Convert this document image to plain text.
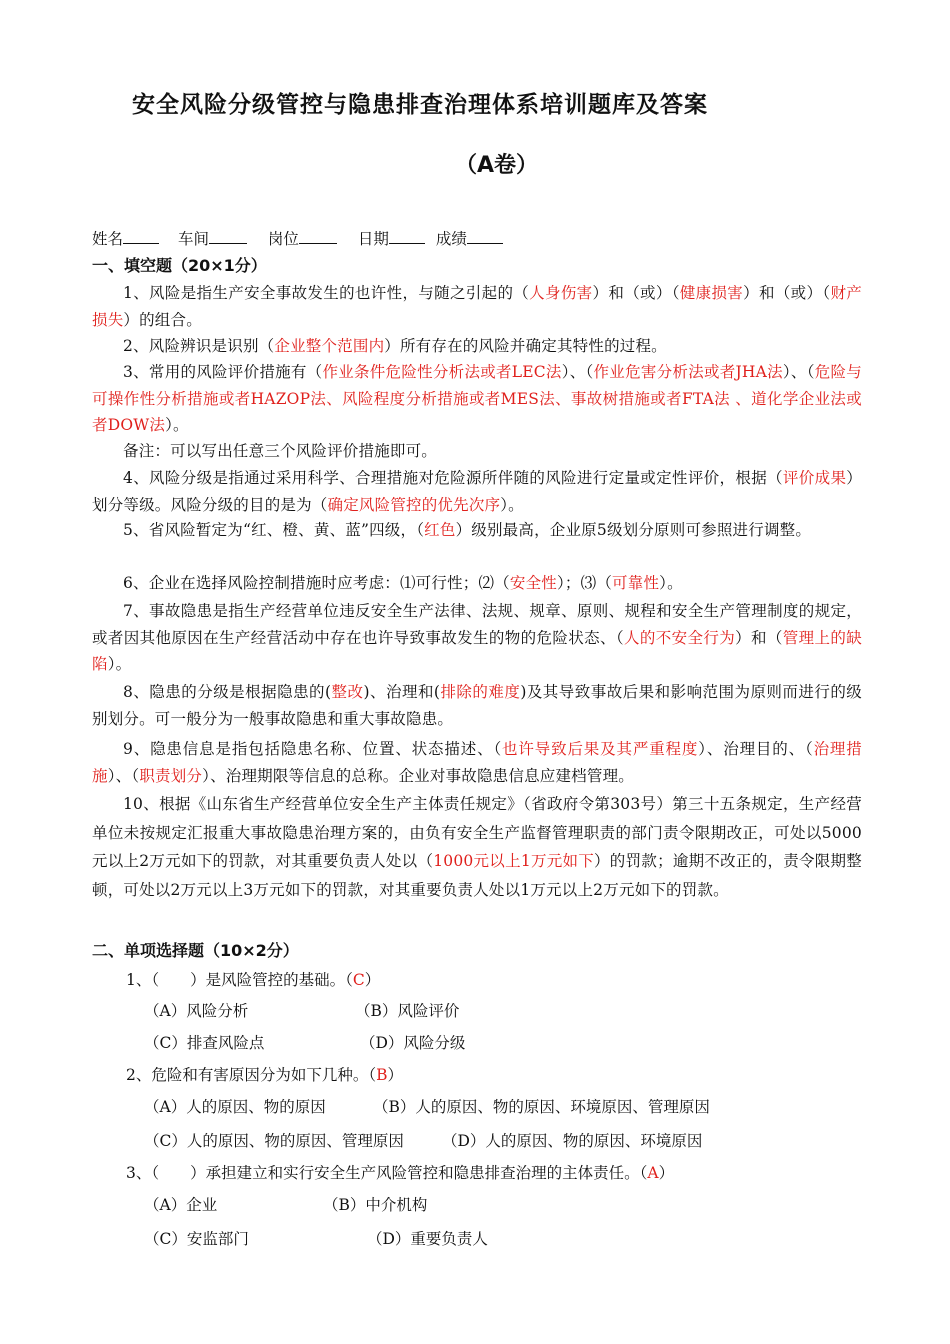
安全风险分级管控与隐患排查治理体系培训题库及答案
（A卷）
姓名	车间	岗位	日期	成绩
一、填空题（20×1分）
1、风险是指生产安全事故发生的也许性，与随之引起的（人身伤害）和（或）（健康损害）和（或）（财产损失）的组合。
2、风险辨识是识别（企业整个范围内）所有存在的风险并确定其特性的过程。
3、常用的风险评价措施有（作业条件危险性分析法或者LEC法）、（作业危害分析法或者JHA法）、（危险与可操作性分析措施或者HAZOP法、风险程度分析措施或者MES法、事故树措施或者FTA法 、道化学企业法或者DOW法）。
备注：可以写出任意三个风险评价措施即可。
4、风险分级是指通过采用科学、合理措施对危险源所伴随的风险进行定量或定性评价，根据（评价成果）划分等级。风险分级的目的是为（确定风险管控的优先次序）。
5、省风险暂定为“红、橙、黄、蓝”四级，（红色）级别最高，企业原5级划分原则可参照进行调整。
6、企业在选择风险控制措施时应考虑：⑴可行性；⑵（安全性）；⑶（可靠性）。
7、事故隐患是指生产经营单位违反安全生产法律、法规、规章、原则、规程和安全生产管理制度的规定，或者因其他原因在生产经营活动中存在也许导致事故发生的物的危险状态、（人的不安全行为）和（管理上的缺陷）。
8、隐患的分级是根据隐患的(整改)、治理和(排除的难度)及其导致事故后果和影响范围为原则而进行的级别划分。可一般分为一般事故隐患和重大事故隐患。
9、隐患信息是指包括隐患名称、位置、状态描述、（也许导致后果及其严重程度）、治理目的、（治理措施）、（职责划分）、治理期限等信息的总称。企业对事故隐患信息应建档管理。
10、根据《山东省生产经营单位安全生产主体责任规定》（省政府令第303号）第三十五条规定，生产经营单位未按规定汇报重大事故隐患治理方案的，由负有安全生产监督管理职责的部门责令限期改正，可处以5000元以上2万元如下的罚款，对其重要负责人处以（1000元以上1万元如下）的罚款；逾期不改正的，责令限期整顿，可处以2万元以上3万元如下的罚款，对其重要负责人处以1万元以上2万元如下的罚款。
二、单项选择题（10×2分）
1、（　　）是风险管控的基础。（C）
（A）风险分析	（B）风险评价
（C）排查风险点	（D）风险分级
2、危险和有害原因分为如下几种。（B）
（A）人的原因、物的原因	（B）人的原因、物的原因、环境原因、管理原因
（C）人的原因、物的原因、管理原因 （D）人的原因、物的原因、环境原因
3、（　　）承担建立和实行安全生产风险管控和隐患排查治理的主体责任。（A）
（A）企业	（B）中介机构
（C）安监部门	（D）重要负责人
